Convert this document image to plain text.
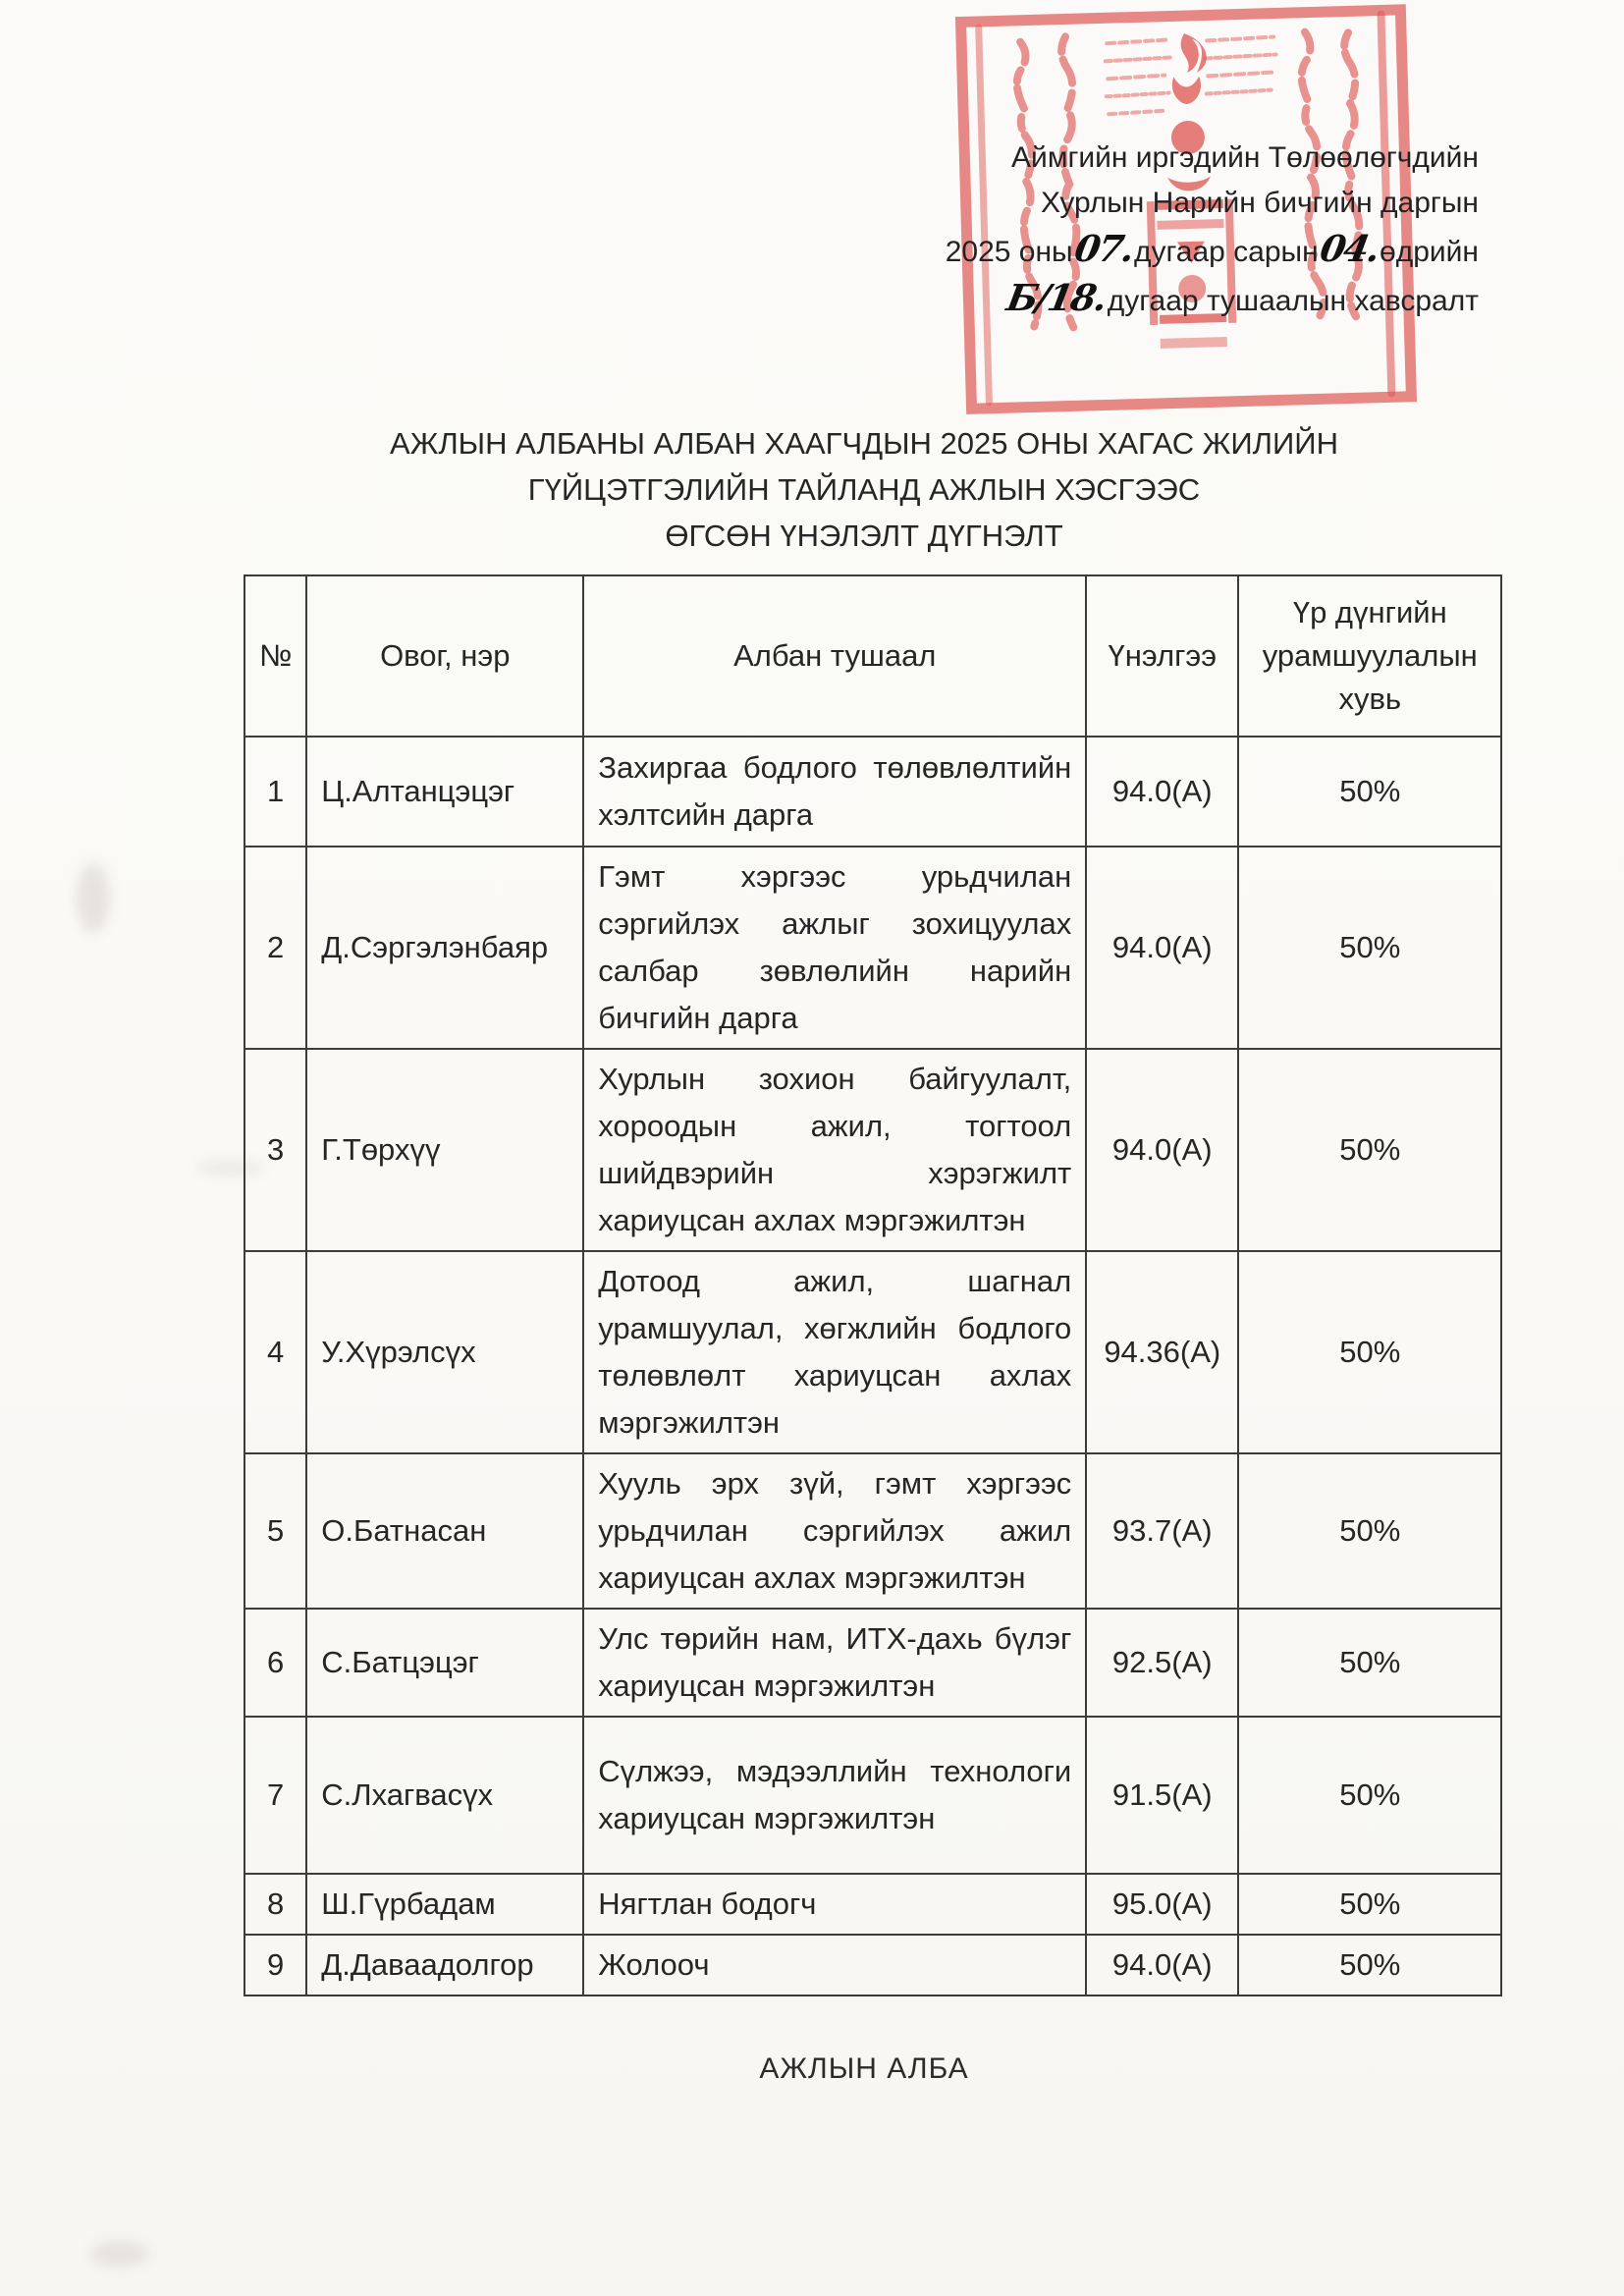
Аймгийн иргэдийн Төлөөлөгчдийн
Хурлын Нарийн бичгийн даргын
2025 оны07.дугаар сарын04.өдрийн
Б/18.дугаар тушаалын хавсралт
АЖЛЫН АЛБАНЫ АЛБАН ХААГЧДЫН 2025 ОНЫ ХАГАС ЖИЛИЙН
ГҮЙЦЭТГЭЛИЙН ТАЙЛАНД АЖЛЫН ХЭСГЭЭС
ӨГСӨН ҮНЭЛЭЛТ ДҮГНЭЛТ
№	Овог, нэр	Албан тушаал	Үнэлгээ	Үр дүнгийн урамшуулалын хувь
1	Ц.Алтанцэцэг	Захиргаа бодлого төлөвлөлтийн хэлтсийн дарга	94.0(A)	50%
2	Д.Сэргэлэнбаяр	Гэмт хэргээс урьдчилан сэргийлэх ажлыг зохицуулах салбар зөвлөлийн нарийн бичгийн дарга	94.0(A)	50%
3	Г.Төрхүү	Хурлын зохион байгуулалт, хороодын ажил, тогтоол шийдвэрийн хэрэгжилт хариуцсан ахлах мэргэжилтэн	94.0(A)	50%
4	У.Хүрэлсүх	Дотоод ажил, шагнал урамшуулал, хөгжлийн бодлого төлөвлөлт хариуцсан ахлах мэргэжилтэн	94.36(A)	50%
5	О.Батнасан	Хууль эрх зүй, гэмт хэргээс урьдчилан сэргийлэх ажил хариуцсан ахлах мэргэжилтэн	93.7(A)	50%
6	С.Батцэцэг	Улс төрийн нам, ИТХ-дахь бүлэг хариуцсан мэргэжилтэн	92.5(A)	50%
7	С.Лхагвасүх	Сүлжээ, мэдээллийн технологи хариуцсан мэргэжилтэн	91.5(A)	50%
8	Ш.Гүрбадам	Нягтлан бодогч	95.0(A)	50%
9	Д.Даваадолгор	Жолооч	94.0(A)	50%
АЖЛЫН АЛБА
